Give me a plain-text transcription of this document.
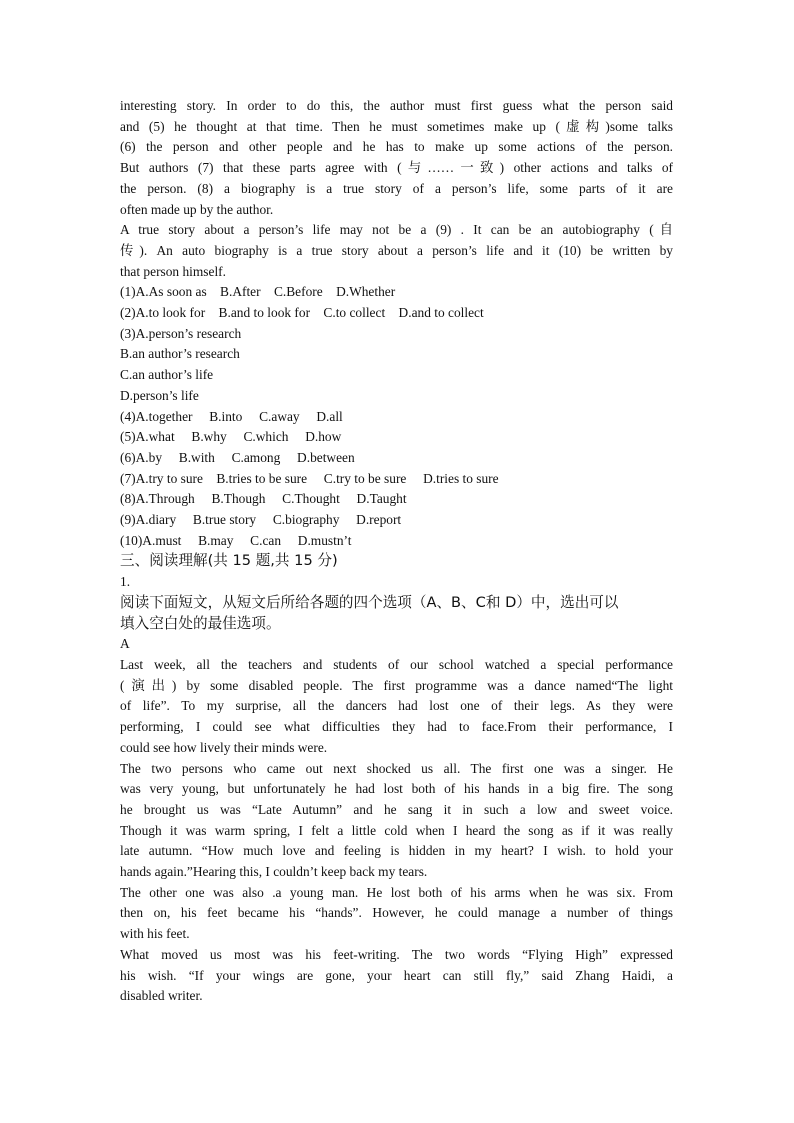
interesting story. In order to do this, the author must first guess what the person said
and (5) he thought at that time. Then he must sometimes make up (虚构)some talks
(6) the person and other people and he has to make up some actions of the person.
But authors (7) that these parts agree with (与……一致) other actions and talks of
the person. (8) a biography is a true story of a person’s life, some parts of it are
often made up by the author.
A true story about a person’s life may not be a (9) . It can be an autobiography (自
传). An auto biography is a true story about a person’s life and it (10) be written by
that person himself.
(1)A.As soon as    B.After    C.Before    D.Whether
(2)A.to look for    B.and to look for    C.to collect    D.and to collect
(3)A.person’s research
B.an author’s research
C.an author’s life
D.person’s life
(4)A.together     B.into     C.away     D.all
(5)A.what     B.why     C.which     D.how
(6)A.by     B.with     C.among     D.between
(7)A.try to sure    B.tries to be sure     C.try to be sure     D.tries to sure
(8)A.Through     B.Though     C.Thought     D.Taught
(9)A.diary     B.true story     C.biography     D.report
(10)A.must     B.may     C.can     D.mustn’t
三、阅读理解(共 15 题,共 15 分)
1.
阅读下面短文，从短文后所给各题的四个选项（A、B、C和 D）中，选出可以
填入空白处的最佳选项。
A
Last week, all the teachers and students of our school watched a special performance
(演出) by some disabled people. The first programme was a dance named“The light
of life”. To my surprise, all the dancers had lost one of their legs. As they were
performing, I could see what difficulties they had to face.From their performance, I
could see how lively their minds were.
The two persons who came out next shocked us all. The first one was a singer. He
was very young, but unfortunately he had lost both of his hands in a big fire. The song
he brought us was “Late Autumn” and he sang it in such a low and sweet voice.
Though it was warm spring, I felt a little cold when I heard the song as if it was really
late autumn. “How much love and feeling is hidden in my heart? I wish. to hold your
hands again.”Hearing this, I couldn’t keep back my tears.
The other one was also .a young man. He lost both of his arms when he was six. From
then on, his feet became his “hands”. However, he could manage a number of things
with his feet.
What moved us most was his feet-writing. The two words “Flying High” expressed
his wish. “If your wings are gone, your heart can still fly,” said Zhang Haidi, a
disabled writer.
